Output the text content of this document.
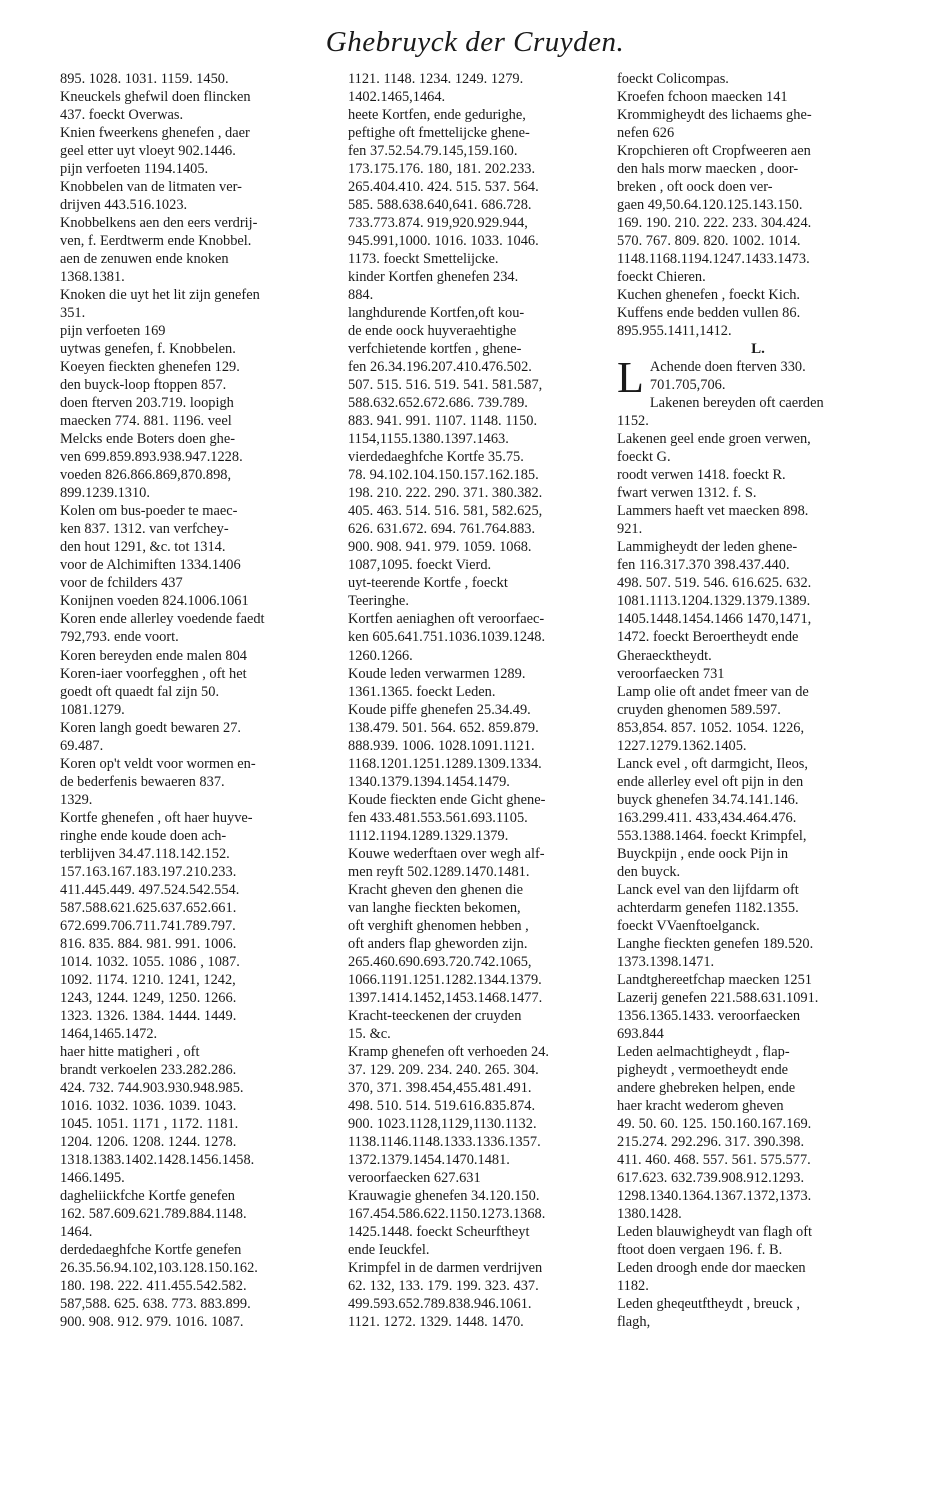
Ghebruyck der Cruyden.
895. 1028. 1031. 1159. 1450.
Kneuckels ghefwil doen flincken
437. foeckt Overwas.
Knien fweerkens ghenefen , daer
geel etter uyt vloeyt 902.1446.
pijn verfoeten 1194.1405.
Knobbelen van de litmaten ver-
drijven 443.516.1023.
Knobbelkens aen den eers verdrij-
ven, f. Eerdtwerm ende Knobbel.
aen de zenuwen ende knoken
1368.1381.
Knoken die uyt het lit zijn genefen
351.
pijn verfoeten 169
uytwas genefen, f. Knobbelen.
Koeyen fieckten ghenefen 129.
den buyck-loop ftoppen 857.
doen fterven 203.719. loopigh
maecken 774. 881. 1196. veel
Melcks ende Boters doen ghe-
ven 699.859.893.938.947.1228.
voeden 826.866.869,870.898,
899.1239.1310.
Kolen om bus-poeder te maec-
ken 837. 1312. van verfchey-
den hout 1291, &c. tot 1314.
voor de Alchimiften 1334.1406
voor de fchilders 437
Konijnen voeden 824.1006.1061
Koren ende allerley voedende faedt
792,793. ende voort.
Koren bereyden ende malen 804
Koren-iaer voorfegghen , oft het
goedt oft quaedt fal zijn 50.
1081.1279.
Koren langh goedt bewaren 27.
69.487.
Koren op't veldt voor wormen en-
de bederfenis bewaeren 837.
1329.
Kortfe ghenefen , oft haer huyve-
ringhe ende koude doen ach-
terblijven 34.47.118.142.152.
157.163.167.183.197.210.233.
411.445.449. 497.524.542.554.
587.588.621.625.637.652.661.
672.699.706.711.741.789.797.
816. 835. 884. 981. 991. 1006.
1014. 1032. 1055. 1086 , 1087.
1092. 1174. 1210. 1241, 1242,
1243, 1244. 1249, 1250. 1266.
1323. 1326. 1384. 1444. 1449.
1464,1465.1472.
haer hitte matigheri , oft
brandt verkoelen 233.282.286.
424. 732. 744.903.930.948.985.
1016. 1032. 1036. 1039. 1043.
1045. 1051. 1171 , 1172. 1181.
1204. 1206. 1208. 1244. 1278.
1318.1383.1402.1428.1456.1458.
1466.1495.
dagheliickfche Kortfe genefen
162. 587.609.621.789.884.1148.
1464.
derdedaeghfche Kortfe genefen
26.35.56.94.102,103.128.150.162.
180. 198. 222. 411.455.542.582.
587,588. 625. 638. 773. 883.899.
900. 908. 912. 979. 1016. 1087.
1121. 1148. 1234. 1249. 1279.
1402.1465,1464.
heete Kortfen, ende gedurighe,
peftighe oft fmettelijcke ghene-
fen 37.52.54.79.145,159.160.
173.175.176. 180, 181. 202.233.
265.404.410. 424. 515. 537. 564.
585. 588.638.640,641. 686.728.
733.773.874. 919,920.929.944,
945.991,1000. 1016. 1033. 1046.
1173. foeckt Smettelijcke.
kinder Kortfen ghenefen 234.
884.
langhdurende Kortfen,oft kou-
de ende oock huyveraehtighe
verfchietende kortfen , ghene-
fen 26.34.196.207.410.476.502.
507. 515. 516. 519. 541. 581.587,
588.632.652.672.686. 739.789.
883. 941. 991. 1107. 1148. 1150.
1154,1155.1380.1397.1463.
vierdedaeghfche Kortfe 35.75.
78. 94.102.104.150.157.162.185.
198. 210. 222. 290. 371. 380.382.
405. 463. 514. 516. 581, 582.625,
626. 631.672. 694. 761.764.883.
900. 908. 941. 979. 1059. 1068.
1087,1095. foeckt Vierd.
uyt-teerende Kortfe , foeckt
Teeringhe.
Kortfen aeniaghen oft veroorfaec-
ken 605.641.751.1036.1039.1248.
1260.1266.
Koude leden verwarmen 1289.
1361.1365. foeckt Leden.
Koude piffe ghenefen 25.34.49.
138.479. 501. 564. 652. 859.879.
888.939. 1006. 1028.1091.1121.
1168.1201.1251.1289.1309.1334.
1340.1379.1394.1454.1479.
Koude fieckten ende Gicht ghene-
fen 433.481.553.561.693.1105.
1112.1194.1289.1329.1379.
Kouwe wederftaen over wegh alf-
men reyft 502.1289.1470.1481.
Kracht gheven den ghenen die
van langhe fieckten bekomen,
oft verghift ghenomen hebben ,
oft anders flap gheworden zijn.
265.460.690.693.720.742.1065,
1066.1191.1251.1282.1344.1379.
1397.1414.1452,1453.1468.1477.
Kracht-teeckenen der cruyden
15. &c.
Kramp ghenefen oft verhoeden 24.
37. 129. 209. 234. 240. 265. 304.
370, 371. 398.454,455.481.491.
498. 510. 514. 519.616.835.874.
900. 1023.1128,1129,1130.1132.
1138.1146.1148.1333.1336.1357.
1372.1379.1454.1470.1481.
veroorfaecken 627.631
Krauwagie ghenefen 34.120.150.
167.454.586.622.1150.1273.1368.
1425.1448. foeckt Scheurftheyt
ende Ieuckfel.
Krimpfel in de darmen verdrijven
62. 132, 133. 179. 199. 323. 437.
499.593.652.789.838.946.1061.
1121. 1272. 1329. 1448. 1470.
foeckt Colicompas.
Kroefen fchoon maecken 141
Krommigheydt des lichaems ghe-
nefen 626
Kropchieren oft Cropfweeren aen
den hals morw maecken , door-
breken , oft oock doen ver-
gaen 49,50.64.120.125.143.150.
169. 190. 210. 222. 233. 304.424.
570. 767. 809. 820. 1002. 1014.
1148.1168.1194.1247.1433.1473.
foeckt Chieren.
Kuchen ghenefen , foeckt Kich.
Kuffens ende bedden vullen 86.
895.955.1411,1412.
L.
L Achende doen fterven 330.
701.705,706.
Lakenen bereyden oft caerden
1152.
Lakenen geel ende groen verwen,
foeckt G.
roodt verwen 1418. foeckt R.
fwart verwen 1312. f. S.
Lammers haeft vet maecken 898.
921.
Lammigheydt der leden ghene-
fen 116.317.370 398.437.440.
498. 507. 519. 546. 616.625. 632.
1081.1113.1204.1329.1379.1389.
1405.1448.1454.1466 1470,1471,
1472. foeckt Beroertheydt ende
Gheraecktheydt.
veroorfaecken 731
Lamp olie oft andet fmeer van de
cruyden ghenomen 589.597.
853,854. 857. 1052. 1054. 1226,
1227.1279.1362.1405.
Lanck evel , oft darmgicht, Ileos,
ende allerley evel oft pijn in den
buyck ghenefen 34.74.141.146.
163.299.411. 433,434.464.476.
553.1388.1464. foeckt Krimpfel,
Buyckpijn , ende oock Pijn in
den buyck.
Lanck evel van den lijfdarm oft
achterdarm genefen 1182.1355.
foeckt VVaenftoelganck.
Langhe fieckten genefen 189.520.
1373.1398.1471.
Landtghereetfchap maecken 1251
Lazerij genefen 221.588.631.1091.
1356.1365.1433. veroorfaecken
693.844
Leden aelmachtigheydt , flap-
pigheydt , vermoetheydt ende
andere ghebreken helpen, ende
haer kracht wederom gheven
49. 50. 60. 125. 150.160.167.169.
215.274. 292.296. 317. 390.398.
411. 460. 468. 557. 561. 575.577.
617.623. 632.739.908.912.1293.
1298.1340.1364.1367.1372,1373.
1380.1428.
Leden blauwigheydt van flagh oft
ftoot doen vergaen 196. f. B.
Leden droogh ende dor maecken
1182.
Leden gheqeutftheydt , breuck ,
flagh,
